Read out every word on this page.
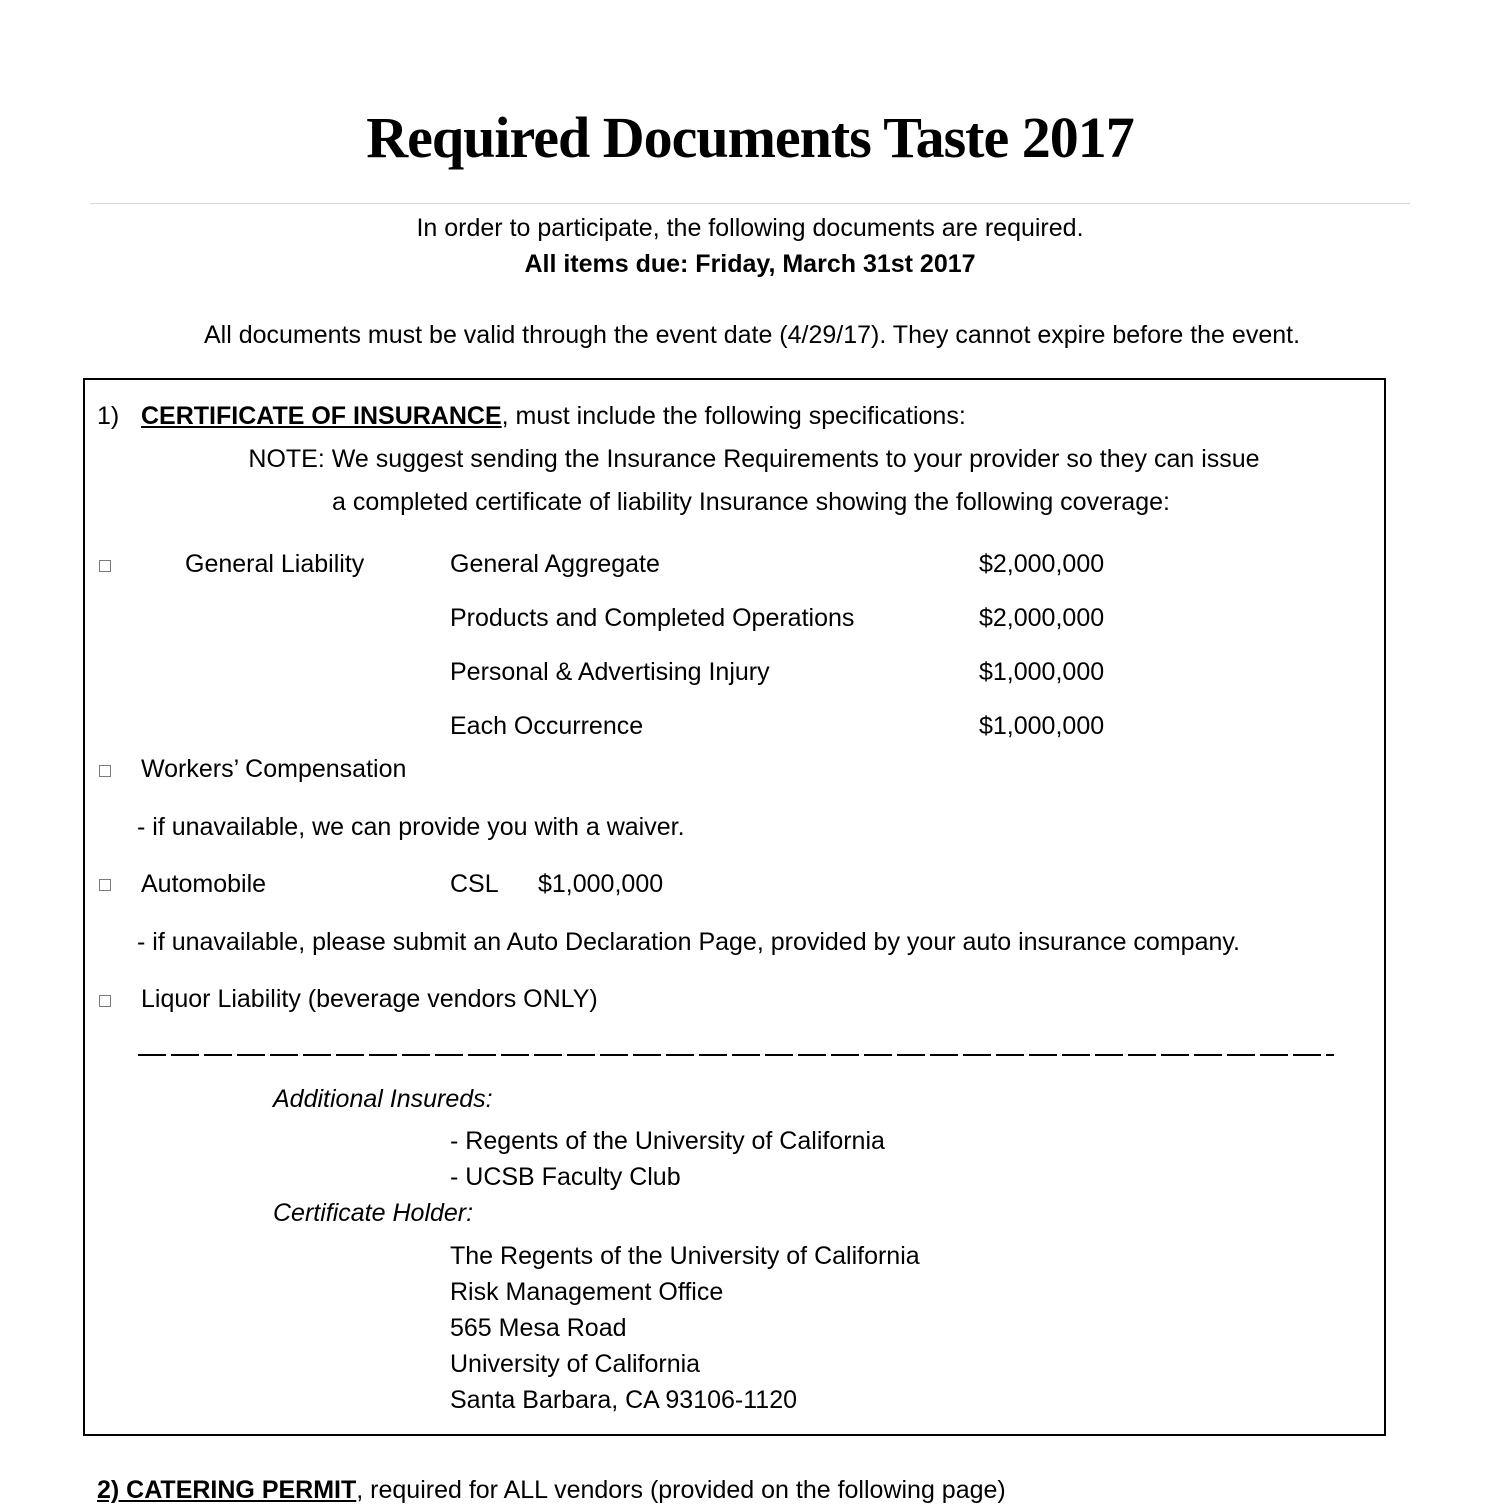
Required Documents Taste 2017
In order to participate, the following documents are required.
All items due: Friday, March 31st 2017
All documents must be valid through the event date (4/29/17). They cannot expire before the event.
1) CERTIFICATE OF INSURANCE, must include the following specifications:
NOTE: We suggest sending the Insurance Requirements to your provider so they can issue
a completed certificate of liability Insurance showing the following coverage:
General Liability	General Aggregate	$2,000,000
Products and Completed Operations	$2,000,000
Personal & Advertising Injury	$1,000,000
Each Occurrence	$1,000,000
Workers’ Compensation
- if unavailable, we can provide you with a waiver.
Automobile	CSL $1,000,000
- if unavailable, please submit an Auto Declaration Page, provided by your auto insurance company.
Liquor Liability (beverage vendors ONLY)
Additional Insureds:
- Regents of the University of California
- UCSB Faculty Club
Certificate Holder:
The Regents of the University of California
Risk Management Office
565 Mesa Road
University of California
Santa Barbara, CA 93106-1120
2) CATERING PERMIT, required for ALL vendors (provided on the following page)
